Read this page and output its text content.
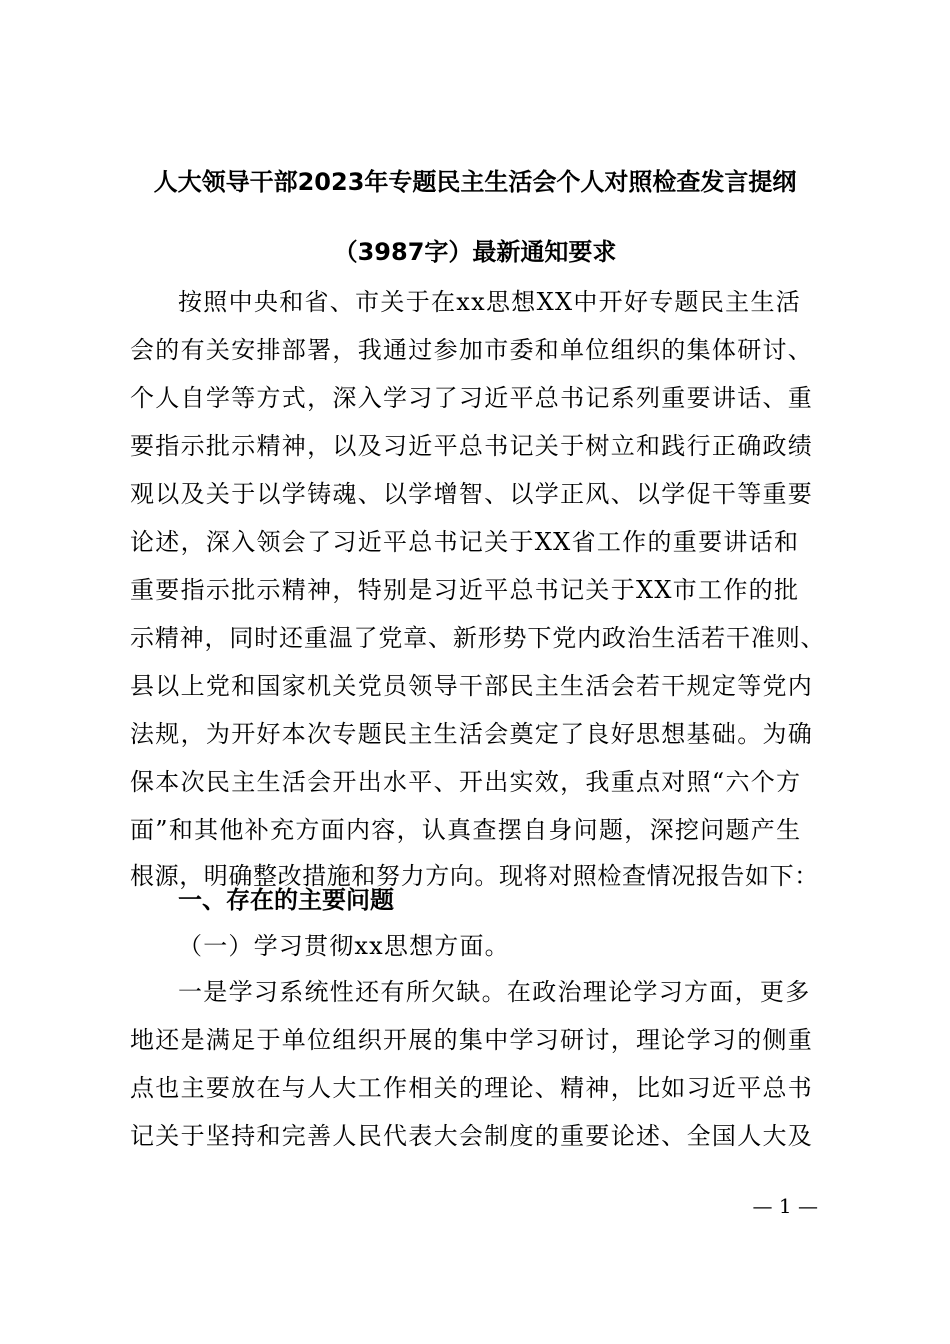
人大领导干部2023年专题民主生活会个人对照检查发言提纲
（3987字）最新通知要求
按照中央和省、市关于在xx思想XX中开好专题民主生活
会的有关安排部署，我通过参加市委和单位组织的集体研讨、
个人自学等方式，深入学习了习近平总书记系列重要讲话、重
要指示批示精神，以及习近平总书记关于树立和践行正确政绩
观以及关于以学铸魂、以学增智、以学正风、以学促干等重要
论述，深入领会了习近平总书记关于XX省工作的重要讲话和
重要指示批示精神，特别是习近平总书记关于XX市工作的批
示精神，同时还重温了党章、新形势下党内政治生活若干准则、
县以上党和国家机关党员领导干部民主生活会若干规定等党内
法规，为开好本次专题民主生活会奠定了良好思想基础。为确
保本次民主生活会开出水平、开出实效，我重点对照“六个方
面”和其他补充方面内容，认真查摆自身问题，深挖问题产生
根源，明确整改措施和努力方向。现将对照检查情况报告如下：
一、存在的主要问题
（一）学习贯彻xx思想方面。
一是学习系统性还有所欠缺。在政治理论学习方面，更多
地还是满足于单位组织开展的集中学习研讨，理论学习的侧重
点也主要放在与人大工作相关的理论、精神，比如习近平总书
记关于坚持和完善人民代表大会制度的重要论述、全国人大及
— 1 —
